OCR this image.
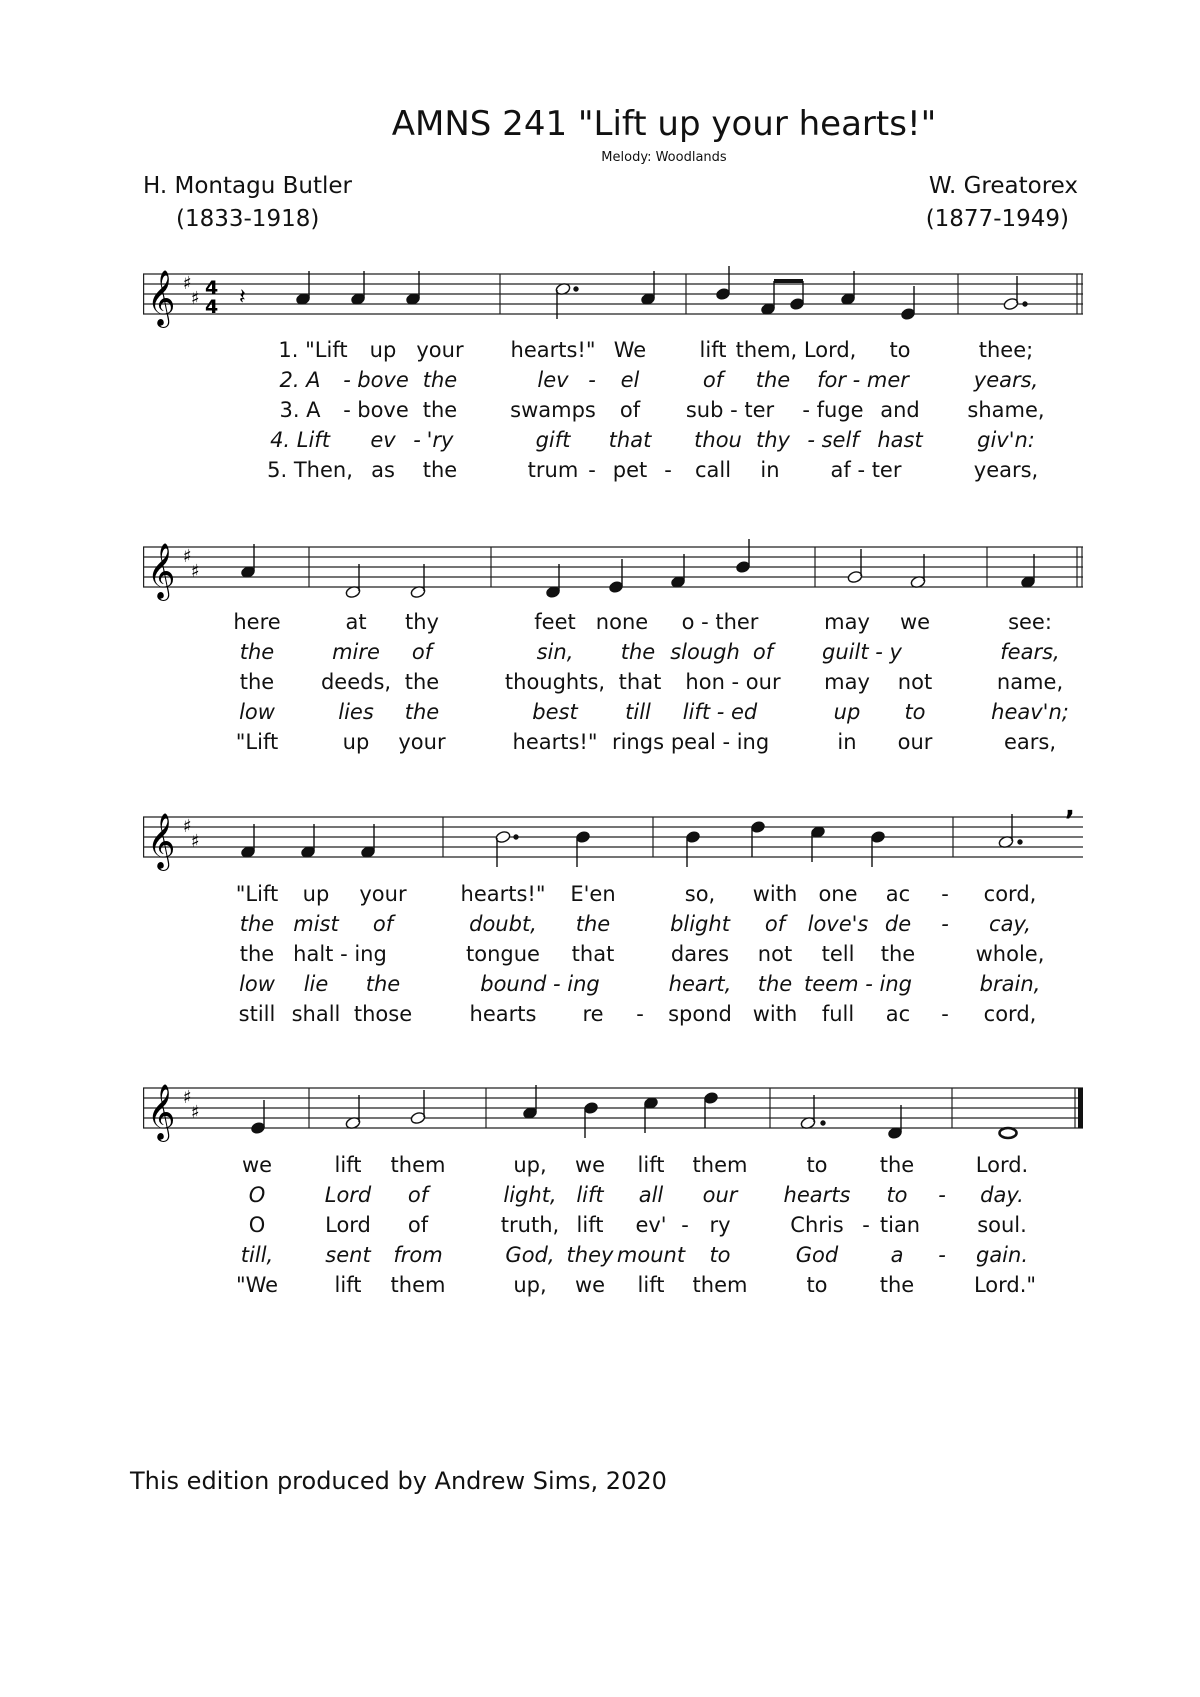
AMNS 241 "Lift up your hearts!"
Melody: Woodlands
H. Montagu Butler
(1833-1918)
W. Greatorex
(1877-1949)
𝄞 ♯
♯ 4
4 𝄽
1. "Lift up your hearts!" We	lift them, Lord, to	thee;
2. A - bove the	lev - el	of the for - mer	years,
3. A - bove the	swamps of sub - ter - fuge and shame,
4. Lift ev - 'ry	gift that thou thy - self hast	giv'n:
5. Then, as the	trum - pet - call in af - ter	years,
𝄞 ♯
♯
here	at thy	feet none o - ther	may we	see:
the	mire of	sin, the slough of guilt - y	fears,
the deeds, the	thoughts, that hon - our may not	name,
low	lies the	best till lift - ed	up to	heav'n;
"Lift	up your	hearts!" rings peal - ing	in our	ears,
𝄞 ♯
♯
,
"Lift up your	hearts!" E'en	so, with one ac - cord,
the mist of	doubt, the	blight of love's de - cay,
the halt - ing	tongue that	dares not tell the	whole,
low lie the	bound - ing	heart, the teem - ing	brain,
still shall those	hearts re - spond with full ac - cord,
𝄞 ♯
♯
we	lift them	up, we lift them	to the	Lord.
O	Lord of	light, lift all our hearts to - day.
O	Lord of	truth, lift ev' - ry	Chris - tian	soul.
till, sent from	God, they mount to	God a - gain.
"We	lift them	up, we lift them	to the	Lord."
This edition produced by Andrew Sims, 2020
